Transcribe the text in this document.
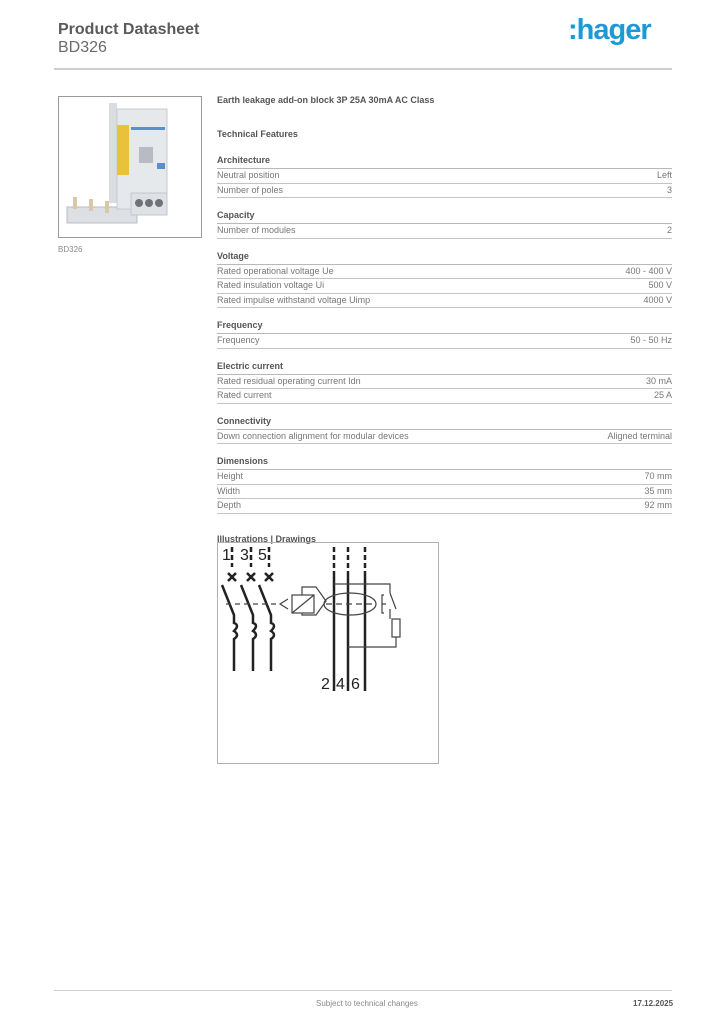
Product Datasheet
BD326
:hager
BD326
Earth leakage add-on block 3P 25A 30mA AC Class
Technical Features
Architecture
Neutral position	Left
Number of poles	3
Capacity
Number of modules	2
Voltage
Rated operational voltage Ue	400 - 400 V
Rated insulation voltage Ui	500 V
Rated impulse withstand voltage Uimp	4000 V
Frequency
Frequency	50 - 50 Hz
Electric current
Rated residual operating current Idn	30 mA
Rated current	25 A
Connectivity
Down connection alignment for modular devices	Aligned terminal
Dimensions
Height	70 mm
Width	35 mm
Depth	92 mm
Illustrations | Drawings
1 3 5
2 4 6
Subject to technical changes	17.12.2025
